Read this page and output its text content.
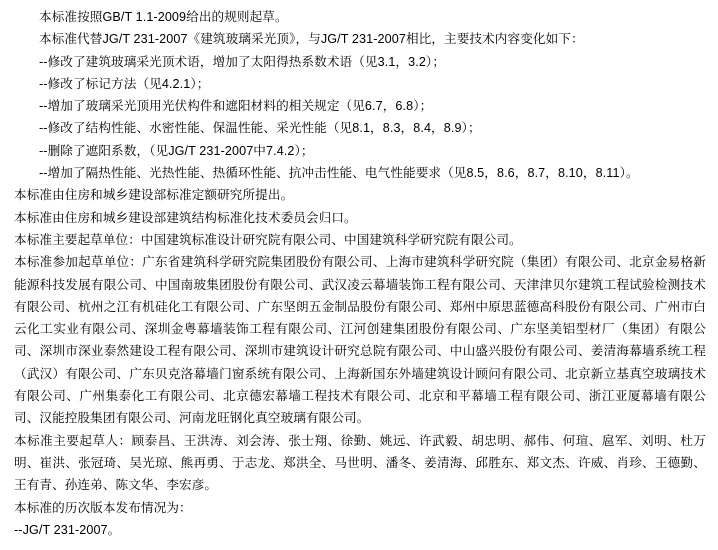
本标准按照GB/T 1.1-2009给出的规则起草。

本标准代替JG/T 231-2007《建筑玻璃采光顶》，与JG/T 231-2007相比，主要技术内容变化如下：

--修改了建筑玻璃采光顶术语，增加了太阳得热系数术语（见3.1，3.2）；

--修改了标记方法（见4.2.1）；

--增加了玻璃采光顶用光伏构件和遮阳材料的相关规定（见6.7，6.8）；

--修改了结构性能、水密性能、保温性能、采光性能（见8.1，8.3，8.4，8.9）；

--删除了遮阳系数，（见JG/T 231-2007中7.4.2）；

--增加了隔热性能、光热性能、热循环性能、抗冲击性能、电气性能要求（见8.5，8.6，8.7，8.10，8.11）。

本标准由住房和城乡建设部标准定额研究所提出。

本标准由住房和城乡建设部建筑结构标准化技术委员会归口。

本标准主要起草单位：中国建筑标准设计研究院有限公司、中国建筑科学研究院有限公司。

本标准参加起草单位：广东省建筑科学研究院集团股份有限公司、上海市建筑科学研究院（集团）有限公司、北京金易格新能源科技发展有限公司、中国南玻集团股份有限公司、武汉凌云幕墙装饰工程有限公司、天津津贝尔建筑工程试验检测技术有限公司、杭州之江有机硅化工有限公司、广东坚朗五金制品股份有限公司、郑州中原思蓝德高科股份有限公司、广州市白云化工实业有限公司、深圳金粤幕墙装饰工程有限公司、江河创建集团股份有限公司、广东坚美铝型材厂（集团）有限公司、深圳市深业泰然建设工程有限公司、深圳市建筑设计研究总院有限公司、中山盛兴股份有限公司、姜清海幕墙系统工程（武汉）有限公司、广东贝克洛幕墙门窗系统有限公司、上海新国东外墙建筑设计顾问有限公司、北京新立基真空玻璃技术有限公司、广州集泰化工有限公司、北京德宏幕墙工程技术有限公司、北京和平幕墙工程有限公司、浙江亚厦幕墙有限公司、汉能控股集团有限公司、河南龙旺钢化真空玻璃有限公司。

本标准主要起草人：顾泰昌、王洪涛、刘会涛、张士翔、徐勤、姚远、许武毅、胡忠明、郝伟、何瑄、扈军、刘明、杜万明、崔洪、张冠琦、吴光琼、熊再勇、于志龙、郑洪全、马世明、潘冬、姜清海、邱胜东、郑文杰、许威、肖珍、王德勤、王有青、孙连弟、陈文华、李宏彦。

本标准的历次版本发布情况为：

--JG/T 231-2007。
